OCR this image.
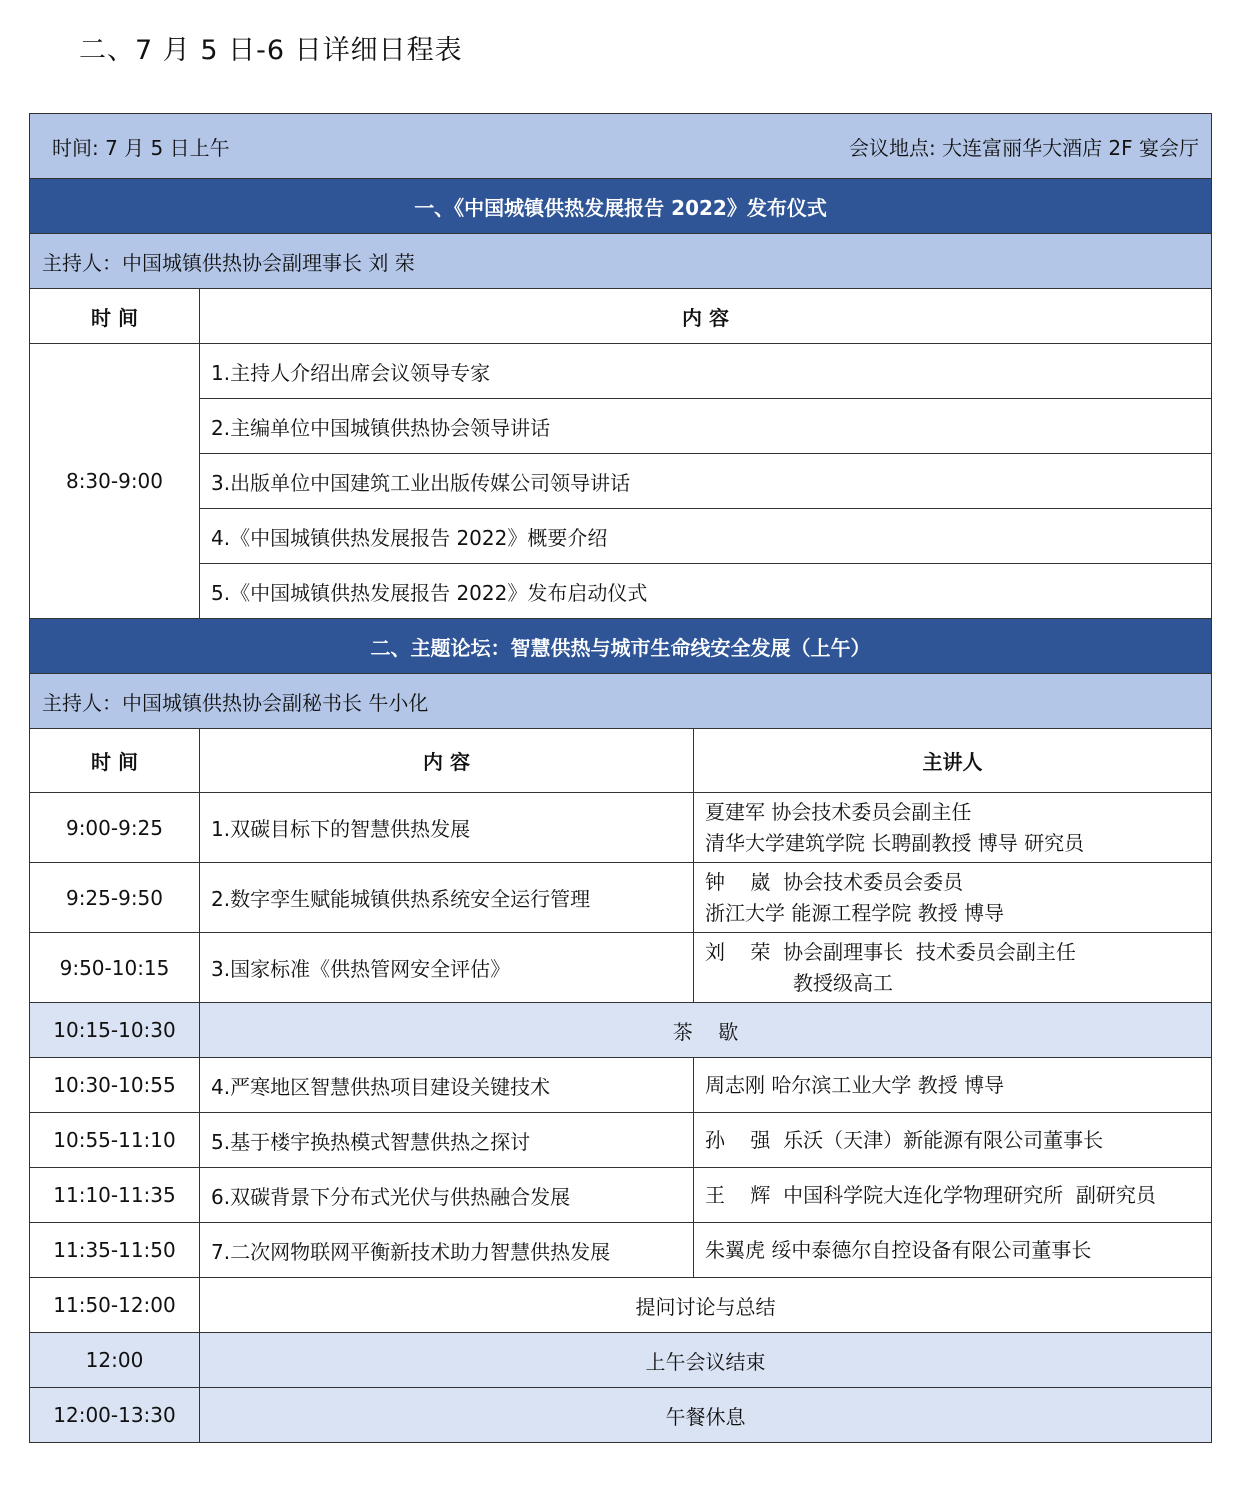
二、7 月 5 日-6 日详细日程表
时间: 7 月 5 日上午 会议地点: 大连富丽华大酒店 2F 宴会厅		

一、《中国城镇供热发展报告 2022》发布仪式		
主持人：中国城镇供热协会副理事长 刘 荣		
时 间	内 容	
8:30-9:00	1.主持人介绍出席会议领导专家	
	2.主编单位中国城镇供热协会领导讲话	
	3.出版单位中国建筑工业出版传媒公司领导讲话	
	4.《中国城镇供热发展报告 2022》概要介绍	
	5.《中国城镇供热发展报告 2022》发布启动仪式	
二、主题论坛：智慧供热与城市生命线安全发展（上午）		
主持人：中国城镇供热协会副秘书长 牛小化		
时 间	内 容	主讲人
9:00-9:25	1.双碳目标下的智慧供热发展	夏建军 协会技术委员会副主任
清华大学建筑学院 长聘副教授 博导 研究员

9:25-9:50	2.数字孪生赋能城镇供热系统安全运行管理	钟    崴  协会技术委员会委员
浙江大学 能源工程学院 教授 博导

9:50-10:15	3.国家标准《供热管网安全评估》	刘    荣  协会副理事长  技术委员会副主任
教授级高工

10:15-10:30	茶    歇	
10:30-10:55	4.严寒地区智慧供热项目建设关键技术	周志刚 哈尔滨工业大学 教授 博导
10:55-11:10	5.基于楼宇换热模式智慧供热之探讨	孙    强  乐沃（天津）新能源有限公司董事长
11:10-11:35	6.双碳背景下分布式光伏与供热融合发展	王    辉  中国科学院大连化学物理研究所  副研究员
11:35-11:50	7.二次网物联网平衡新技术助力智慧供热发展	朱翼虎 绥中泰德尔自控设备有限公司董事长
11:50-12:00	提问讨论与总结	
12:00	上午会议结束	
12:00-13:30	午餐休息	
